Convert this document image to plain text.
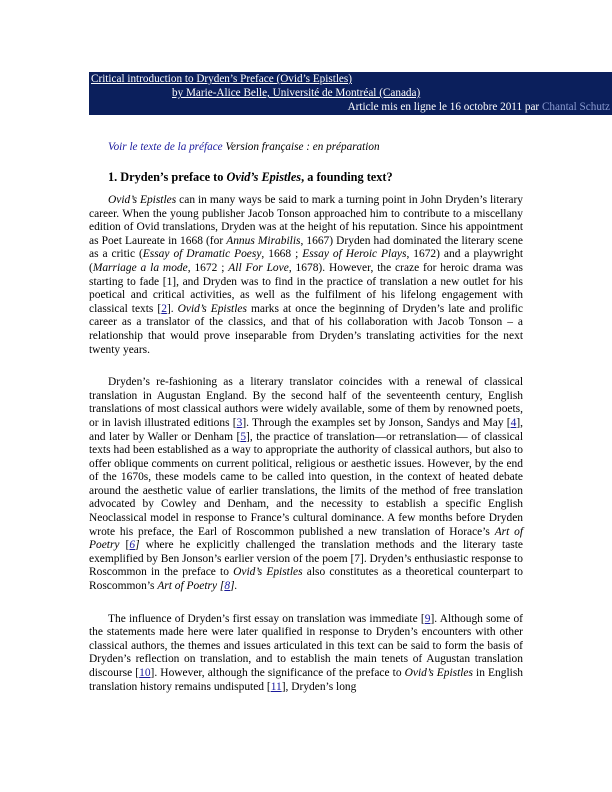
Critical introduction to Dryden’s Preface (Ovid’s Epistles)
by Marie-Alice Belle, Université de Montréal (Canada)
Article mis en ligne le 16 octobre 2011 par Chantal Schutz
Voir le texte de la préface Version française : en préparation
1. Dryden’s preface to Ovid’s Epistles, a founding text?

Ovid’s Epistles can in many ways be said to mark a turning point in John Dryden’s literary career. When the young publisher Jacob Tonson approached him to contribute to a miscellany edition of Ovid translations, Dryden was at the height of his reputation. Since his appointment as Poet Laureate in 1668 (for Annus Mirabilis, 1667) Dryden had dominated the literary scene as a critic (Essay of Dramatic Poesy, 1668 ; Essay of Heroic Plays, 1672) and a playwright (Marriage a la mode, 1672 ; All For Love, 1678). However, the craze for heroic drama was starting to fade [1], and Dryden was to find in the practice of translation a new outlet for his poetical and critical activities, as well as the fulfilment of his lifelong engagement with classical texts [2]. Ovid’s Epistles marks at once the beginning of Dryden’s late and prolific career as a translator of the classics, and that of his collaboration with Jacob Tonson – a relationship that would prove inseparable from Dryden’s translating activities for the next twenty years.

Dryden’s re-fashioning as a literary translator coincides with a renewal of classical translation in Augustan England. By the second half of the seventeenth century, English translations of most classical authors were widely available, some of them by renowned poets, or in lavish illustrated editions [3]. Through the examples set by Jonson, Sandys and May [4], and later by Waller or Denham [5], the practice of translation—or retranslation— of classical texts had been established as a way to appropriate the authority of classical authors, but also to offer oblique comments on current political, religious or aesthetic issues. However, by the end of the 1670s, these models came to be called into question, in the context of heated debate around the aesthetic value of earlier translations, the limits of the method of free translation advocated by Cowley and Denham, and the necessity to establish a specific English Neoclassical model in response to France’s cultural dominance. A few months before Dryden wrote his preface, the Earl of Roscommon published a new translation of Horace’s Art of Poetry [6] where he explicitly challenged the translation methods and the literary taste exemplified by Ben Jonson’s earlier version of the poem [7]. Dryden’s enthusiastic response to Roscommon in the preface to Ovid’s Epistles also constitutes as a theoretical counterpart to Roscommon’s Art of Poetry [8].

The influence of Dryden’s first essay on translation was immediate [9]. Although some of the statements made here were later qualified in response to Dryden’s encounters with other classical authors, the themes and issues articulated in this text can be said to form the basis of Dryden’s reflection on translation, and to establish the main tenets of Augustan translation discourse [10]. However, although the significance of the preface to Ovid’s Epistles in English translation history remains undisputed [11], Dryden’s long
